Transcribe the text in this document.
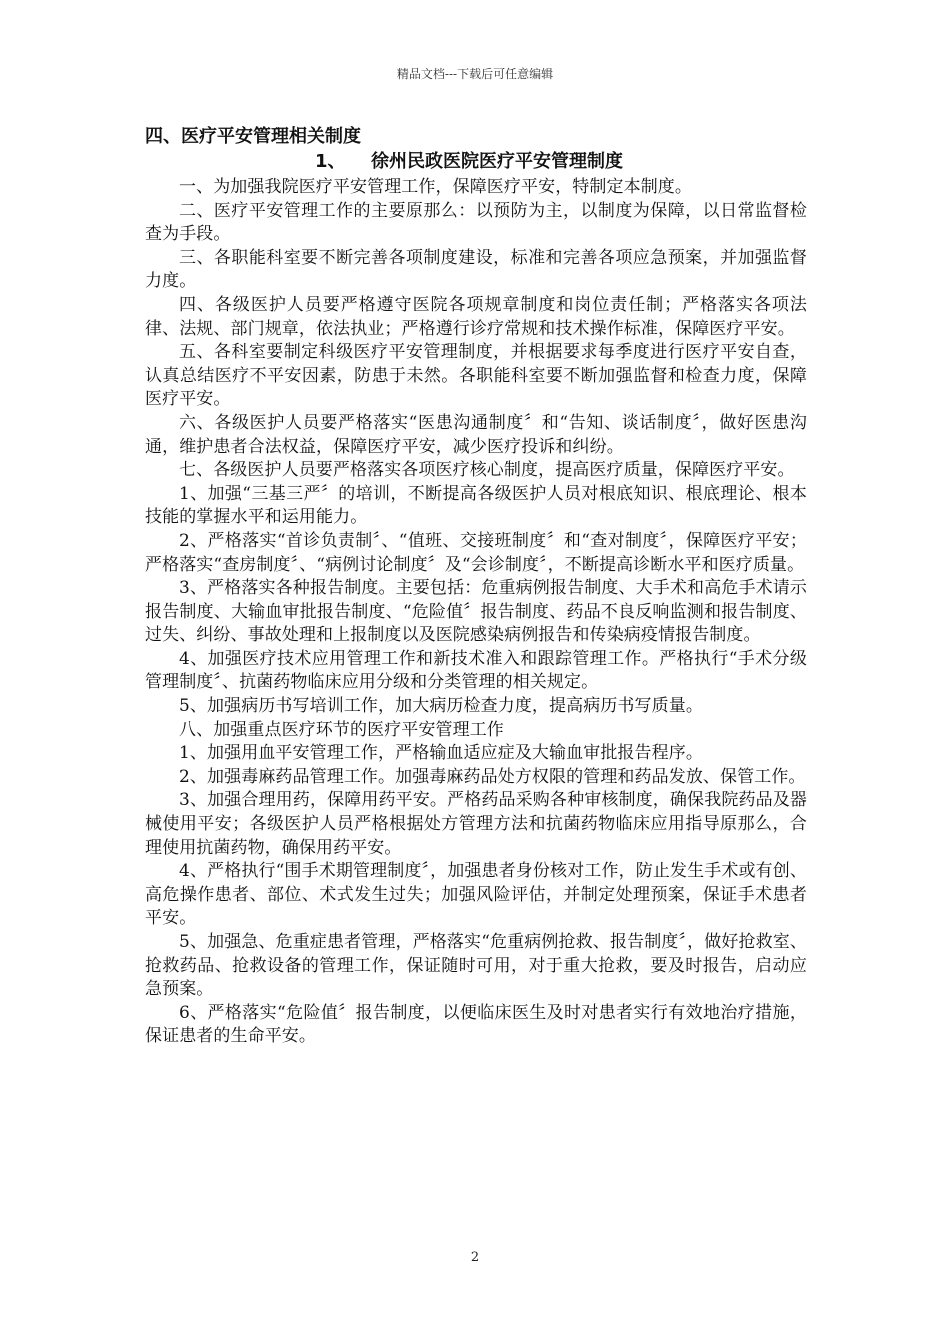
精品文档---下载后可任意编辑
四、医疗平安管理相关制度
1、 徐州民政医院医疗平安管理制度

一、为加强我院医疗平安管理工作，保障医疗平安，特制定本制度。

二、医疗平安管理工作的主要原那么：以预防为主，以制度为保障，以日常监督检查为手段。

三、各职能科室要不断完善各项制度建设，标准和完善各项应急预案，并加强监督力度。

四、各级医护人员要严格遵守医院各项规章制度和岗位责任制；严格落实各项法律、法规、部门规章，依法执业；严格遵行诊疗常规和技术操作标准，保障医疗平安。

五、各科室要制定科级医疗平安管理制度，并根据要求每季度进行医疗平安自查，认真总结医疗不平安因素，防患于未然。各职能科室要不断加强监督和检查力度，保障医疗平安。

六、各级医护人员要严格落实“医患沟通制度〞和“告知、谈话制度〞，做好医患沟通，维护患者合法权益，保障医疗平安，减少医疗投诉和纠纷。

七、各级医护人员要严格落实各项医疗核心制度，提高医疗质量，保障医疗平安。

1、加强“三基三严〞的培训，不断提高各级医护人员对根底知识、根底理论、根本技能的掌握水平和运用能力。

2、严格落实“首诊负责制〞、“值班、交接班制度〞和“查对制度〞，保障医疗平安；严格落实“查房制度〞、“病例讨论制度〞及“会诊制度〞，不断提高诊断水平和医疗质量。

3、严格落实各种报告制度。主要包括：危重病例报告制度、大手术和高危手术请示报告制度、大输血审批报告制度、“危险值〞报告制度、药品不良反响监测和报告制度、过失、纠纷、事故处理和上报制度以及医院感染病例报告和传染病疫情报告制度。

4、加强医疗技术应用管理工作和新技术准入和跟踪管理工作。严格执行“手术分级管理制度〞、抗菌药物临床应用分级和分类管理的相关规定。

5、加强病历书写培训工作，加大病历检查力度，提高病历书写质量。

八、加强重点医疗环节的医疗平安管理工作

1、加强用血平安管理工作，严格输血适应症及大输血审批报告程序。

2、加强毒麻药品管理工作。加强毒麻药品处方权限的管理和药品发放、保管工作。

3、加强合理用药，保障用药平安。严格药品采购各种审核制度，确保我院药品及器械使用平安；各级医护人员严格根据处方管理方法和抗菌药物临床应用指导原那么，合理使用抗菌药物，确保用药平安。

4、严格执行“围手术期管理制度〞，加强患者身份核对工作，防止发生手术或有创、高危操作患者、部位、术式发生过失；加强风险评估，并制定处理预案，保证手术患者平安。

5、加强急、危重症患者管理，严格落实“危重病例抢救、报告制度〞，做好抢救室、抢救药品、抢救设备的管理工作，保证随时可用，对于重大抢救，要及时报告，启动应急预案。

6、严格落实“危险值〞报告制度，以便临床医生及时对患者实行有效地治疗措施，保证患者的生命平安。

2
